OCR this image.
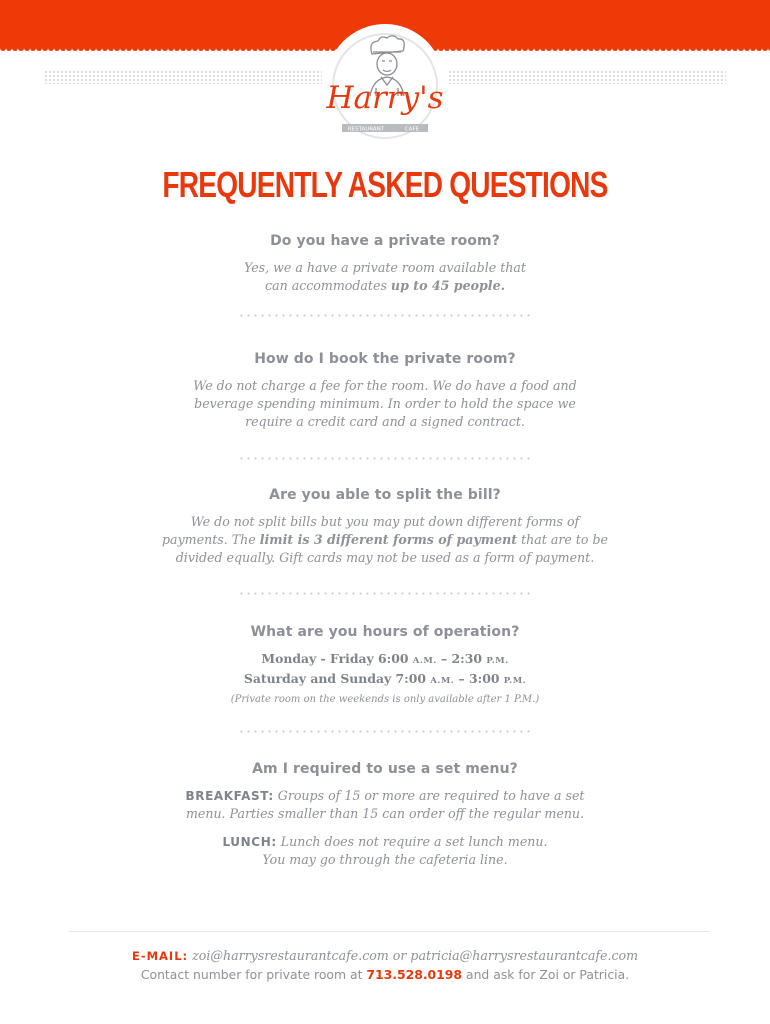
Harry's
RESTAURANT	CAFE
FREQUENTLY ASKED QUESTIONS

Do you have a private room?

Yes, we a have a private room available that
can accommodates up to 45 people.

How do I book the private room?

We do not charge a fee for the room. We do have a food and
beverage spending minimum. In order to hold the space we
require a credit card and a signed contract.

Are you able to split the bill?

We do not split bills but you may put down different forms of
payments. The limit is 3 different forms of payment that are to be
divided equally. Gift cards may not be used as a form of payment.

What are you hours of operation?

Monday - Friday 6:00 A.M. – 2:30 P.M.

Saturday and Sunday 7:00 A.M. – 3:00 P.M.

(Private room on the weekends is only available after 1 P.M.)

Am I required to use a set menu?

BREAKFAST: Groups of 15 or more are required to have a set
menu. Parties smaller than 15 can order off the regular menu.

LUNCH: Lunch does not require a set lunch menu.
You may go through the cafeteria line.

E-MAIL: zoi@harrysrestaurantcafe.com or patricia@harrysrestaurantcafe.com

Contact number for private room at 713.528.0198 and ask for Zoi or Patricia.
